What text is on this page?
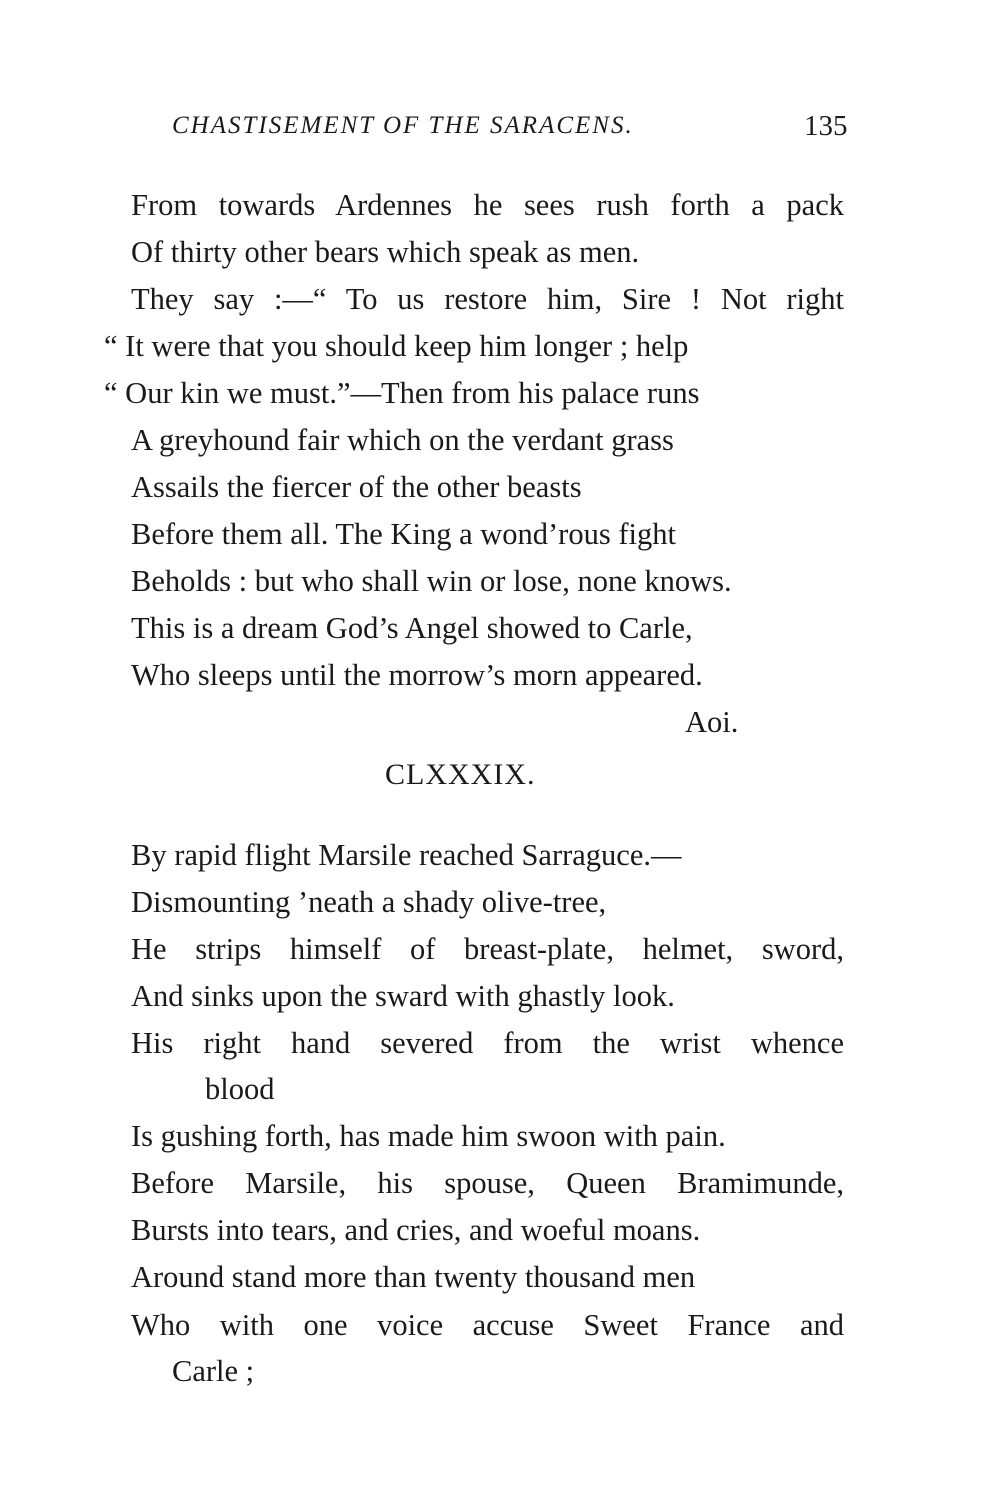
CHASTISEMENT OF THE SARACENS.	135
From towards Ardennes he sees rush forth a pack
Of thirty other bears which speak as men.
They say :—“ To us restore him, Sire ! Not right
“ It were that you should keep him longer ; help
“ Our kin we must.”—Then from his palace runs
A greyhound fair which on the verdant grass
Assails the fiercer of the other beasts
Before them all. The King a wond’rous fight
Beholds : but who shall win or lose, none knows.
This is a dream God’s Angel showed to Carle,
Who sleeps until the morrow’s morn appeared.
Aoi.
CLXXXIX.
By rapid flight Marsile reached Sarraguce.—
Dismounting ’neath a shady olive-tree,
He strips himself of breast-plate, helmet, sword,
And sinks upon the sward with ghastly look.
His right hand severed from the wrist whence
blood
Is gushing forth, has made him swoon with pain.
Before Marsile, his spouse, Queen Bramimunde,
Bursts into tears, and cries, and woeful moans.
Around stand more than twenty thousand men
Who with one voice accuse Sweet France and
Carle ;
